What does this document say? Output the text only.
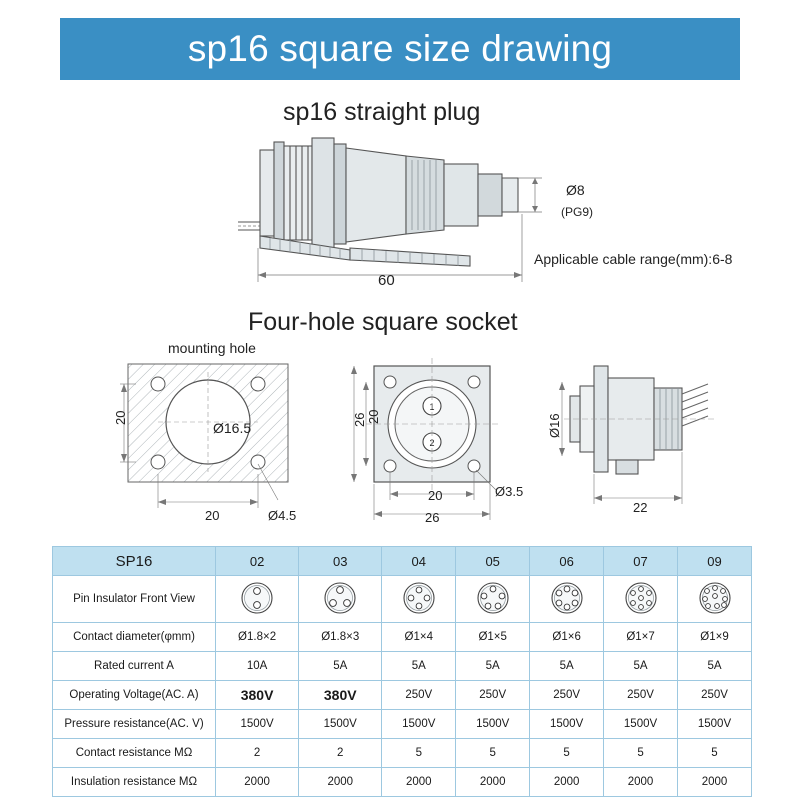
sp16 square size drawing
sp16 straight plug
Ø8
(PG9)
Applicable cable range(mm):6-8
60
Four-hole square socket
mounting hole
Ø16.5
20
20	Ø4.5
1
2
26 20
20
26
Ø3.5
Ø16
22
SP16	02	03	04	05	06	07	09
Pin Insulator Front View	

Contact diameter(φmm)	Ø1.8×2	Ø1.8×3	Ø1×4	Ø1×5	Ø1×6	Ø1×7	Ø1×9
Rated current A	10A	5A	5A	5A	5A	5A	5A
Operating Voltage(AC. A)	380V	380V	250V	250V	250V	250V	250V
Pressure resistance(AC. V)	1500V	1500V	1500V	1500V	1500V	1500V	1500V
Contact resistance MΩ	2	2	5	5	5	5	5
Insulation resistance MΩ	2000	2000	2000	2000	2000	2000	2000
